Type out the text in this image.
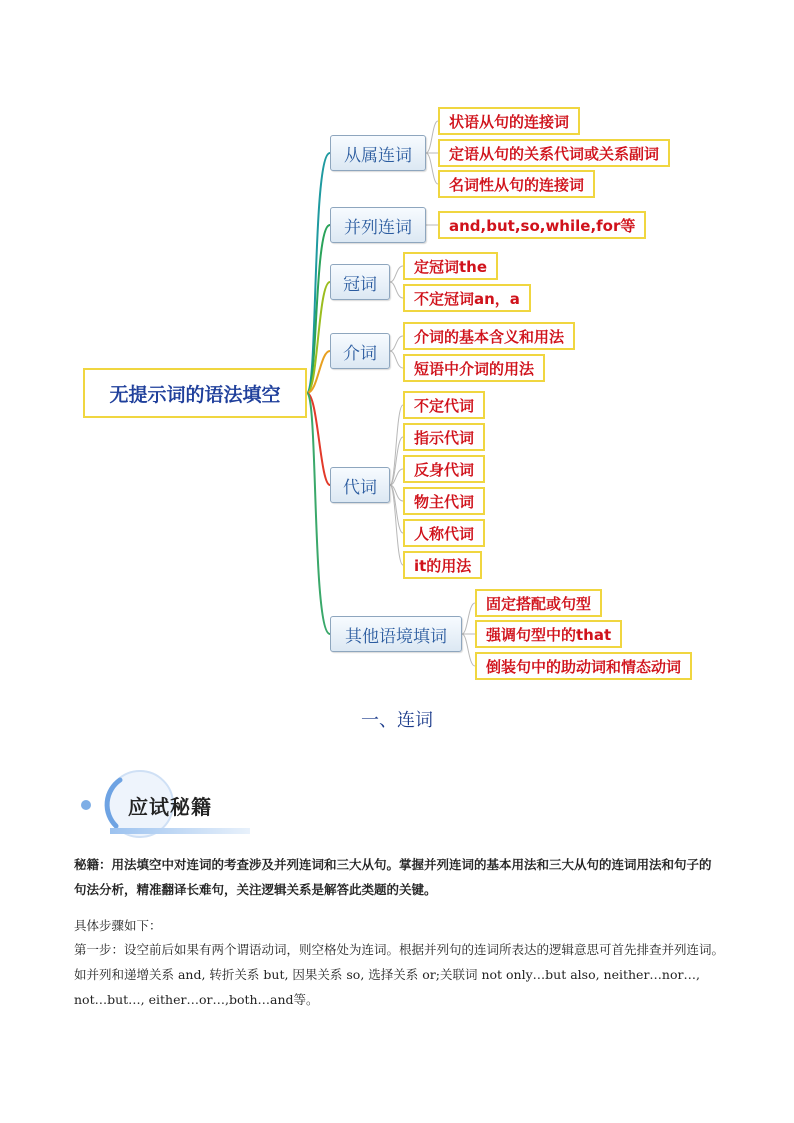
无提示词的语法填空
从属连词
并列连词
冠词
介词
代词
其他语境填词
状语从句的连接词
定语从句的关系代词或关系副词
名词性从句的连接词
and,but,so,while,for等
定冠词the
不定冠词an，a
介词的基本含义和用法
短语中介词的用法
不定代词
指示代词
反身代词
物主代词
人称代词
it的用法
固定搭配或句型
强调句型中的that
倒装句中的助动词和情态动词
一、连词
应试秘籍
秘籍：用法填空中对连词的考查涉及并列连词和三大从句。掌握并列连词的基本用法和三大从句的连词用法和句子的句法分析，精准翻译长难句，关注逻辑关系是解答此类题的关键。
具体步骤如下：
第一步：设空前后如果有两个谓语动词，则空格处为连词。根据并列句的连词所表达的逻辑意思可首先排查并列连词。如并列和递增关系 and, 转折关系 but, 因果关系 so, 选择关系 or;关联词 not only…but also, neither…nor…, not…but…, either…or…,both…and等。
